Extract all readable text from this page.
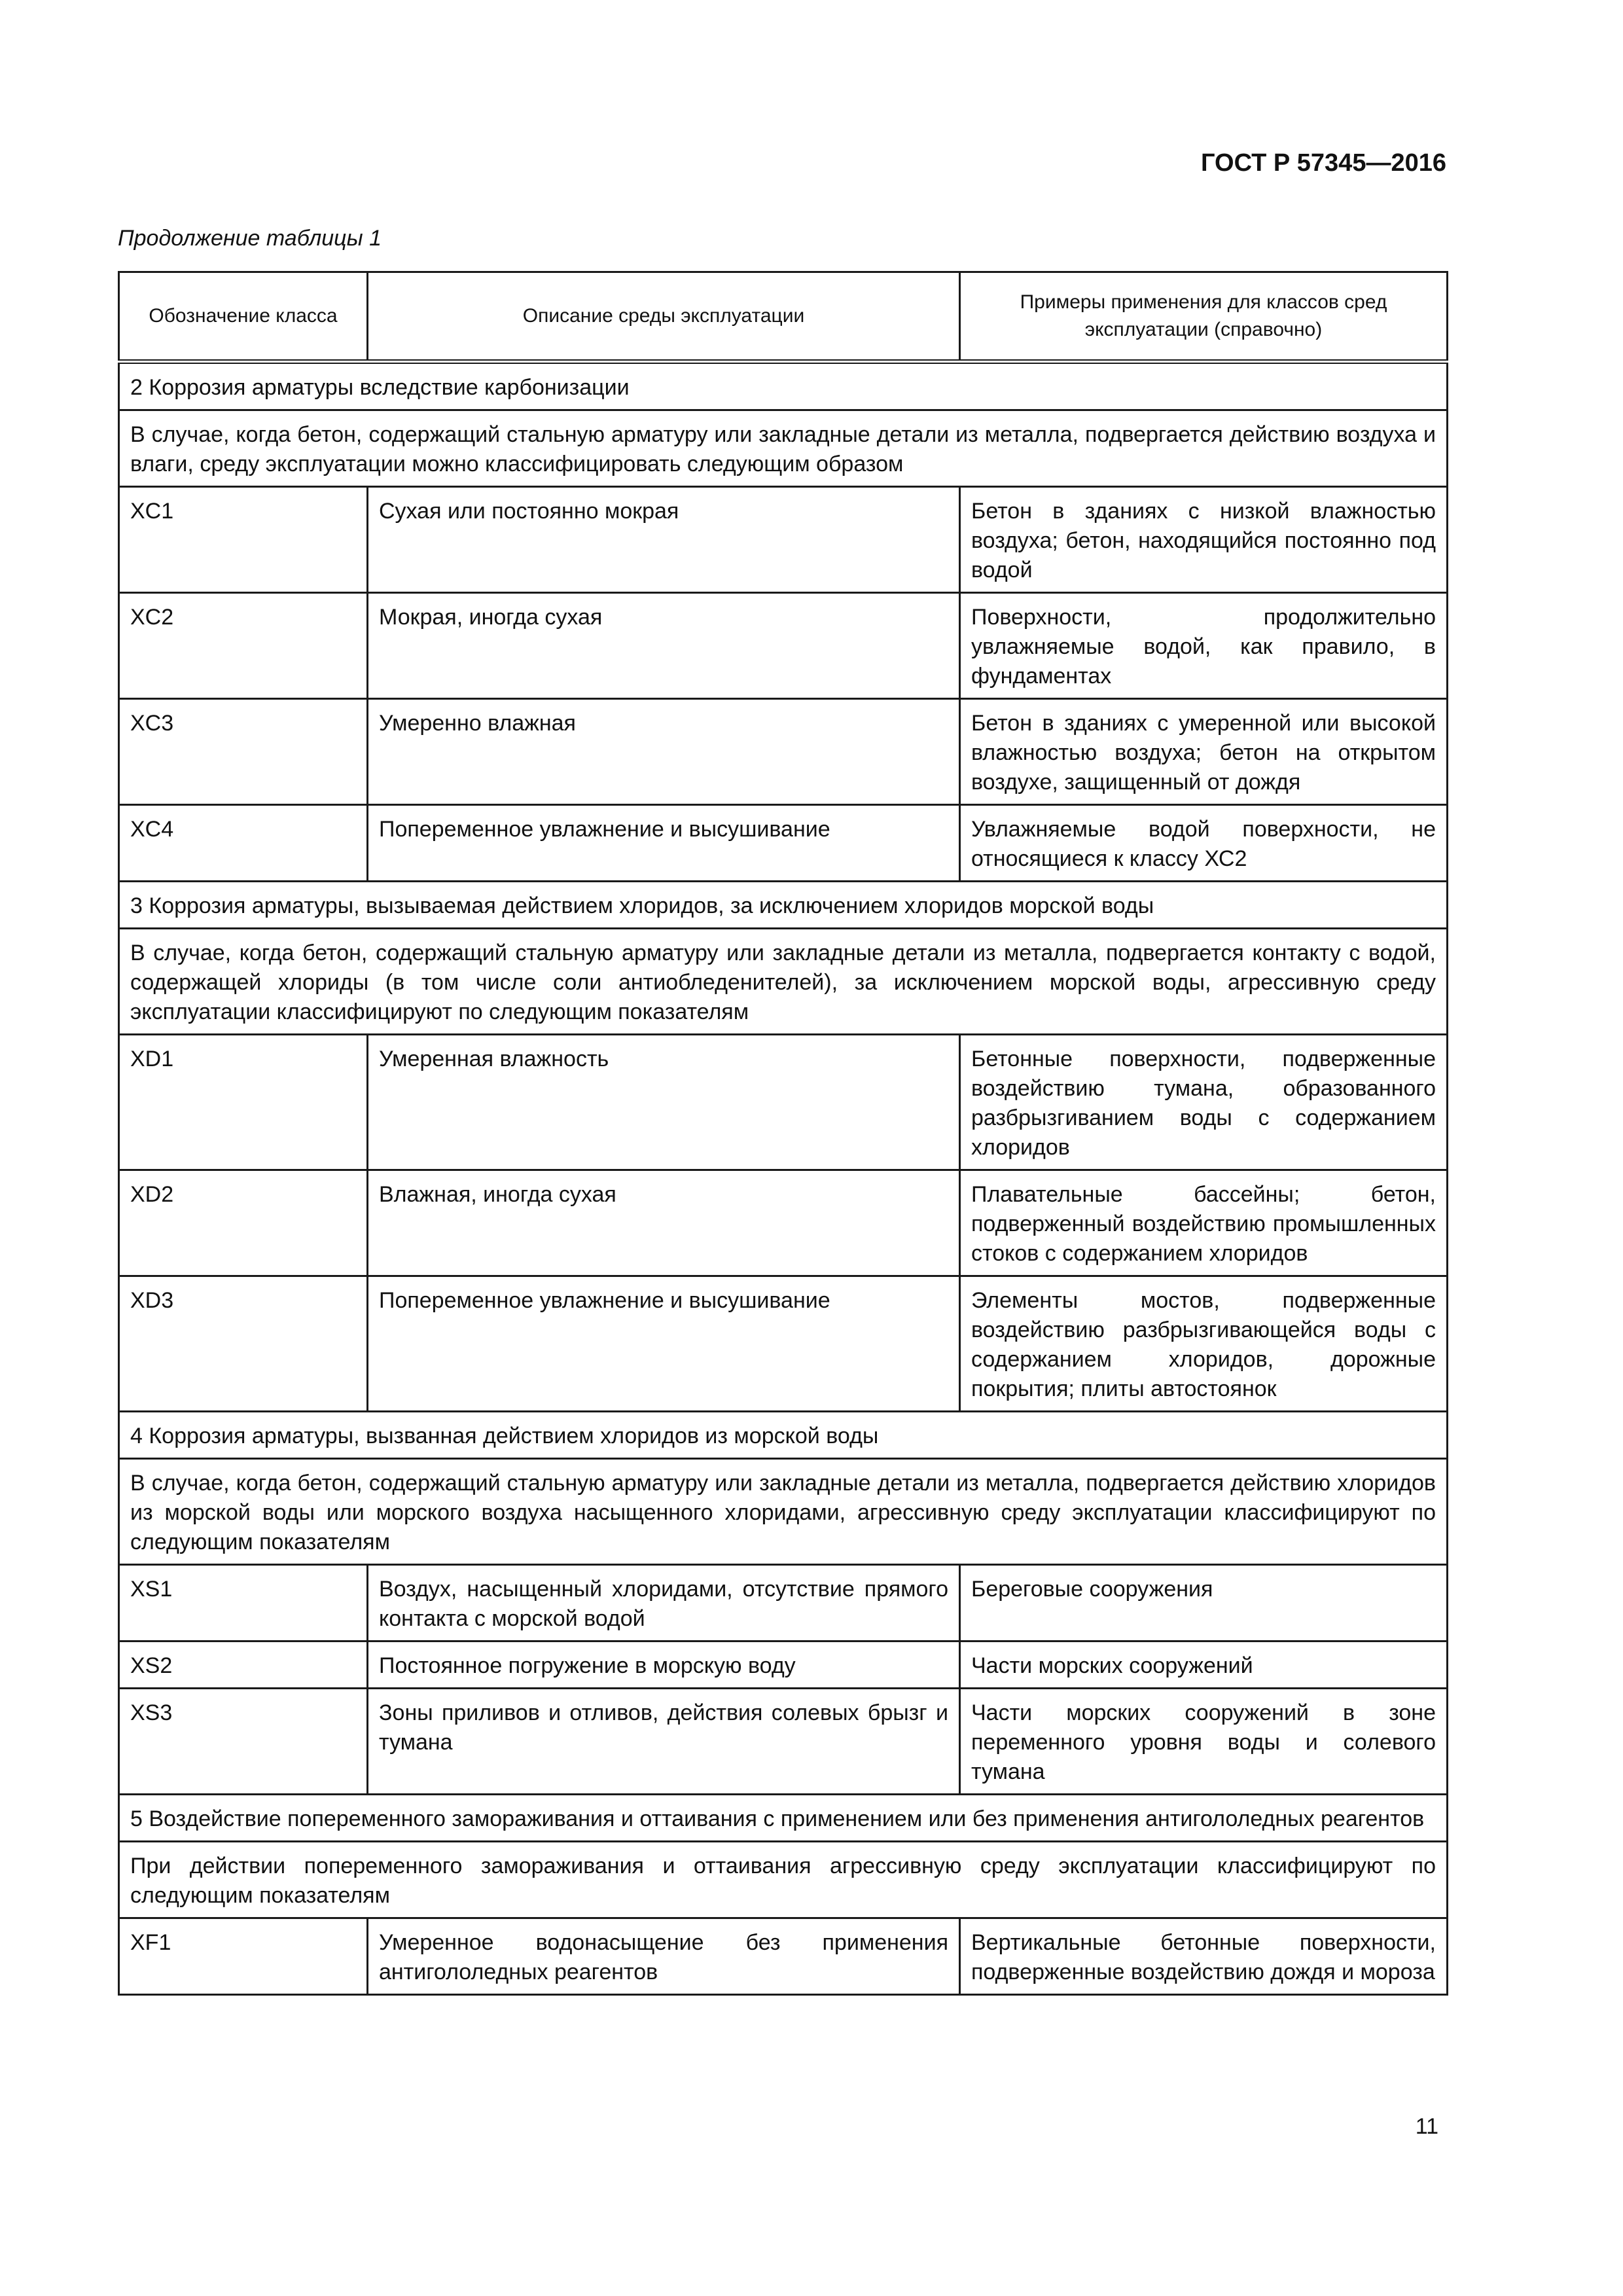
ГОСТ Р 57345—2016
Продолжение таблицы 1
Обозначение класса	Описание среды эксплуатации	Примеры применения для классов сред эксплуатации (справочно)
2 Коррозия арматуры вследствие карбонизации		
В случае, когда бетон, содержащий стальную арматуру или закладные детали из металла, подвергается действию воздуха и влаги, среду эксплуатации можно классифицировать следующим образом		
XC1	Сухая или постоянно мокрая	Бетон в зданиях с низкой влажностью воздуха; бетон, находящийся постоянно под водой
XC2	Мокрая, иногда сухая	Поверхности, продолжительно увлажняемые водой, как правило, в фундаментах
XC3	Умеренно влажная	Бетон в зданиях с умеренной или высокой влажностью воздуха; бетон на открытом воздухе, защищенный от дождя
XC4	Попеременное увлажнение и высушивание	Увлажняемые водой поверхности, не относящиеся к классу ХС2
3 Коррозия арматуры, вызываемая действием хлоридов, за исключением хлоридов морской воды		
В случае, когда бетон, содержащий стальную арматуру или закладные детали из металла, подвергается контакту с водой, содержащей хлориды (в том числе соли антиобледенителей), за исключением морской воды, агрессивную среду эксплуатации классифицируют по следующим показателям		
XD1	Умеренная влажность	Бетонные поверхности, подверженные воздействию тумана, образованного разбрызгиванием воды с содержанием хлоридов
XD2	Влажная, иногда сухая	Плавательные бассейны; бетон, подверженный воздействию промышленных стоков с содержанием хлоридов
XD3	Попеременное увлажнение и высушивание	Элементы мостов, подверженные воздействию разбрызгивающейся воды с содержанием хлоридов, дорожные покрытия; плиты автостоянок
4 Коррозия арматуры, вызванная действием хлоридов из морской воды		
В случае, когда бетон, содержащий стальную арматуру или закладные детали из металла, подвергается действию хлоридов из морской воды или морского воздуха насыщенного хлоридами, агрессивную среду эксплуатации классифицируют по следующим показателям		
XS1	Воздух, насыщенный хлоридами, отсутствие прямого контакта с морской водой	Береговые сооружения
XS2	Постоянное погружение в морскую воду	Части морских сооружений
XS3	Зоны приливов и отливов, действия солевых брызг и тумана	Части морских сооружений в зоне переменного уровня воды и солевого тумана
5 Воздействие попеременного замораживания и оттаивания с применением или без применения антигололедных реагентов		
При действии попеременного замораживания и оттаивания агрессивную среду эксплуатации классифицируют по следующим показателям		
XF1	Умеренное водонасыщение без применения антигололедных реагентов	Вертикальные бетонные поверхности, подверженные воздействию дождя и мороза
11
